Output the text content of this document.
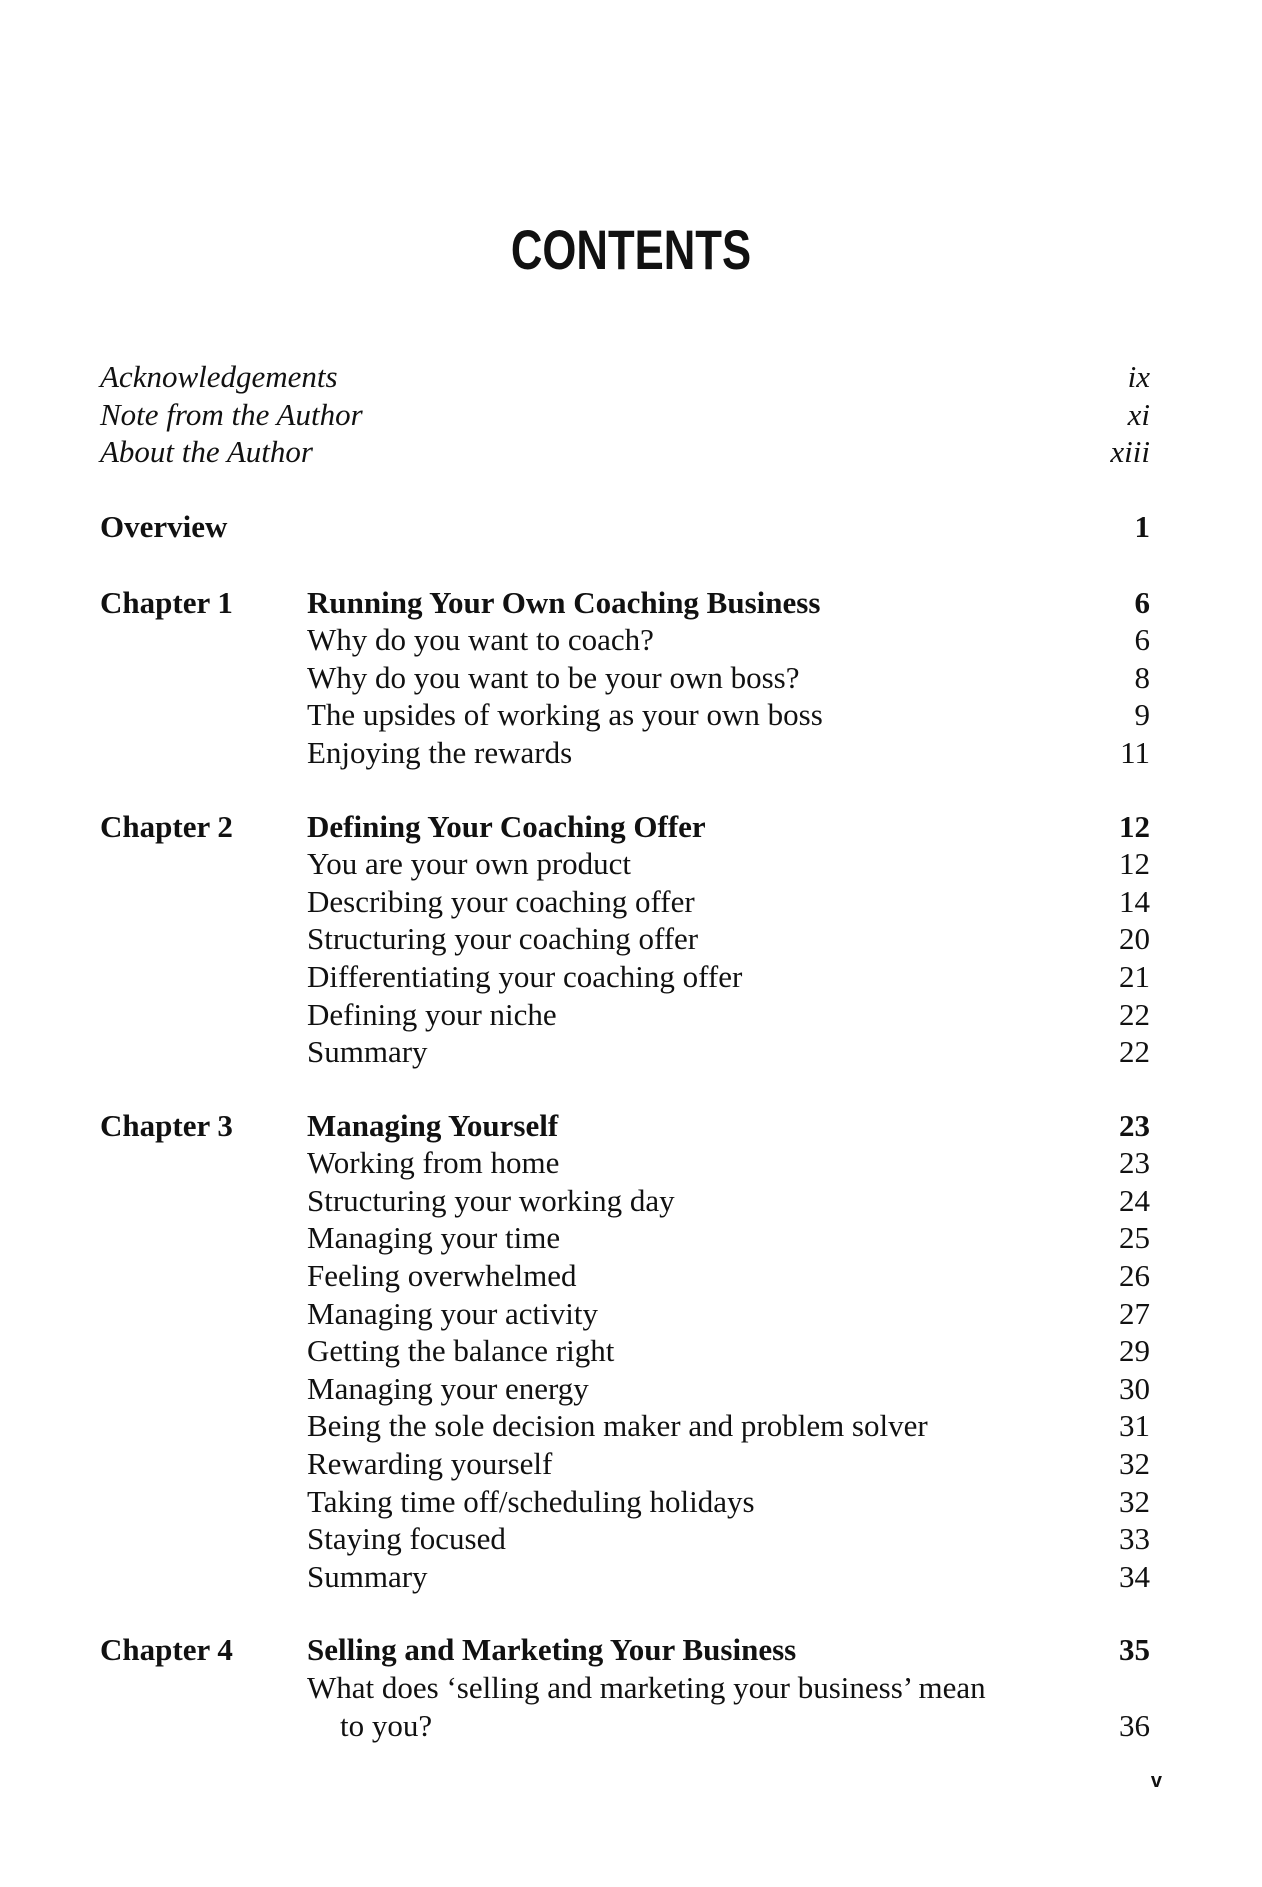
CONTENTS
Acknowledgements	ix
Note from the Author	xi
About the Author	xiii
Overview	1
Chapter 1 Running Your Own Coaching Business	6
Why do you want to coach?	6
Why do you want to be your own boss?	8
The upsides of working as your own boss	9
Enjoying the rewards	11
Chapter 2 Defining Your Coaching Offer	12
You are your own product	12
Describing your coaching offer	14
Structuring your coaching offer	20
Differentiating your coaching offer	21
Defining your niche	22
Summary	22
Chapter 3 Managing Yourself	23
Working from home	23
Structuring your working day	24
Managing your time	25
Feeling overwhelmed	26
Managing your activity	27
Getting the balance right	29
Managing your energy	30
Being the sole decision maker and problem solver	31
Rewarding yourself	32
Taking time off/scheduling holidays	32
Staying focused	33
Summary	34
Chapter 4 Selling and Marketing Your Business	35
What does ‘selling and marketing your business’ mean
to you?	36
v
